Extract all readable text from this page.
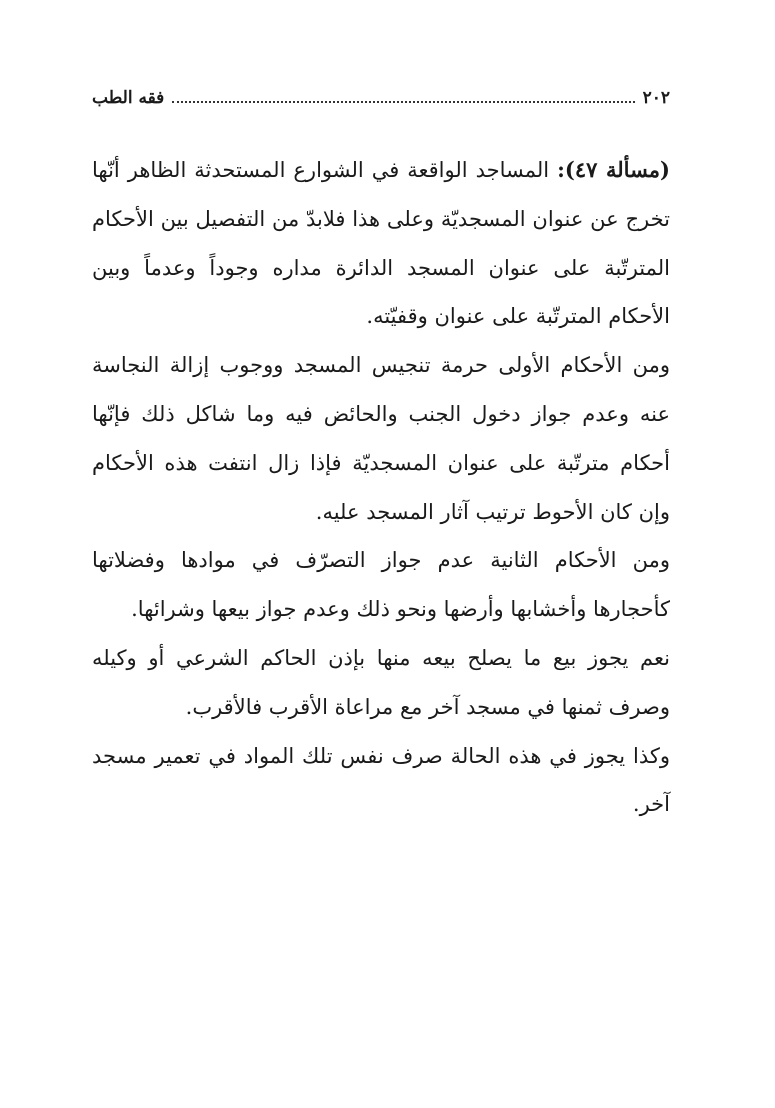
٢٠٢
فقه الطب

(مسألة ٤٧): المساجد الواقعة في الشوارع المستحدثة الظاهر أنّها تخرج عن عنوان المسجديّة وعلى هذا فلابدّ من التفصيل بين الأحكام المترتّبة على عنوان المسجد الدائرة مداره وجوداً وعدماً وبين الأحكام المترتّبة على عنوان وقفيّته.

ومن الأحكام الأولى حرمة تنجيس المسجد ووجوب إزالة النجاسة عنه وعدم جواز دخول الجنب والحائض فيه وما شاكل ذلك فإنّها أحكام مترتّبة على عنوان المسجديّة فإذا زال انتفت هذه الأحكام وإن كان الأحوط ترتيب آثار المسجد عليه.

ومن الأحكام الثانية عدم جواز التصرّف في موادها وفضلاتها كأحجارها وأخشابها وأرضها ونحو ذلك وعدم جواز بيعها وشرائها.

نعم يجوز بيع ما يصلح بيعه منها بإذن الحاكم الشرعي أو وكيله وصرف ثمنها في مسجد آخر مع مراعاة الأقرب فالأقرب.

وكذا يجوز في هذه الحالة صرف نفس تلك المواد في تعمير مسجد آخر.
